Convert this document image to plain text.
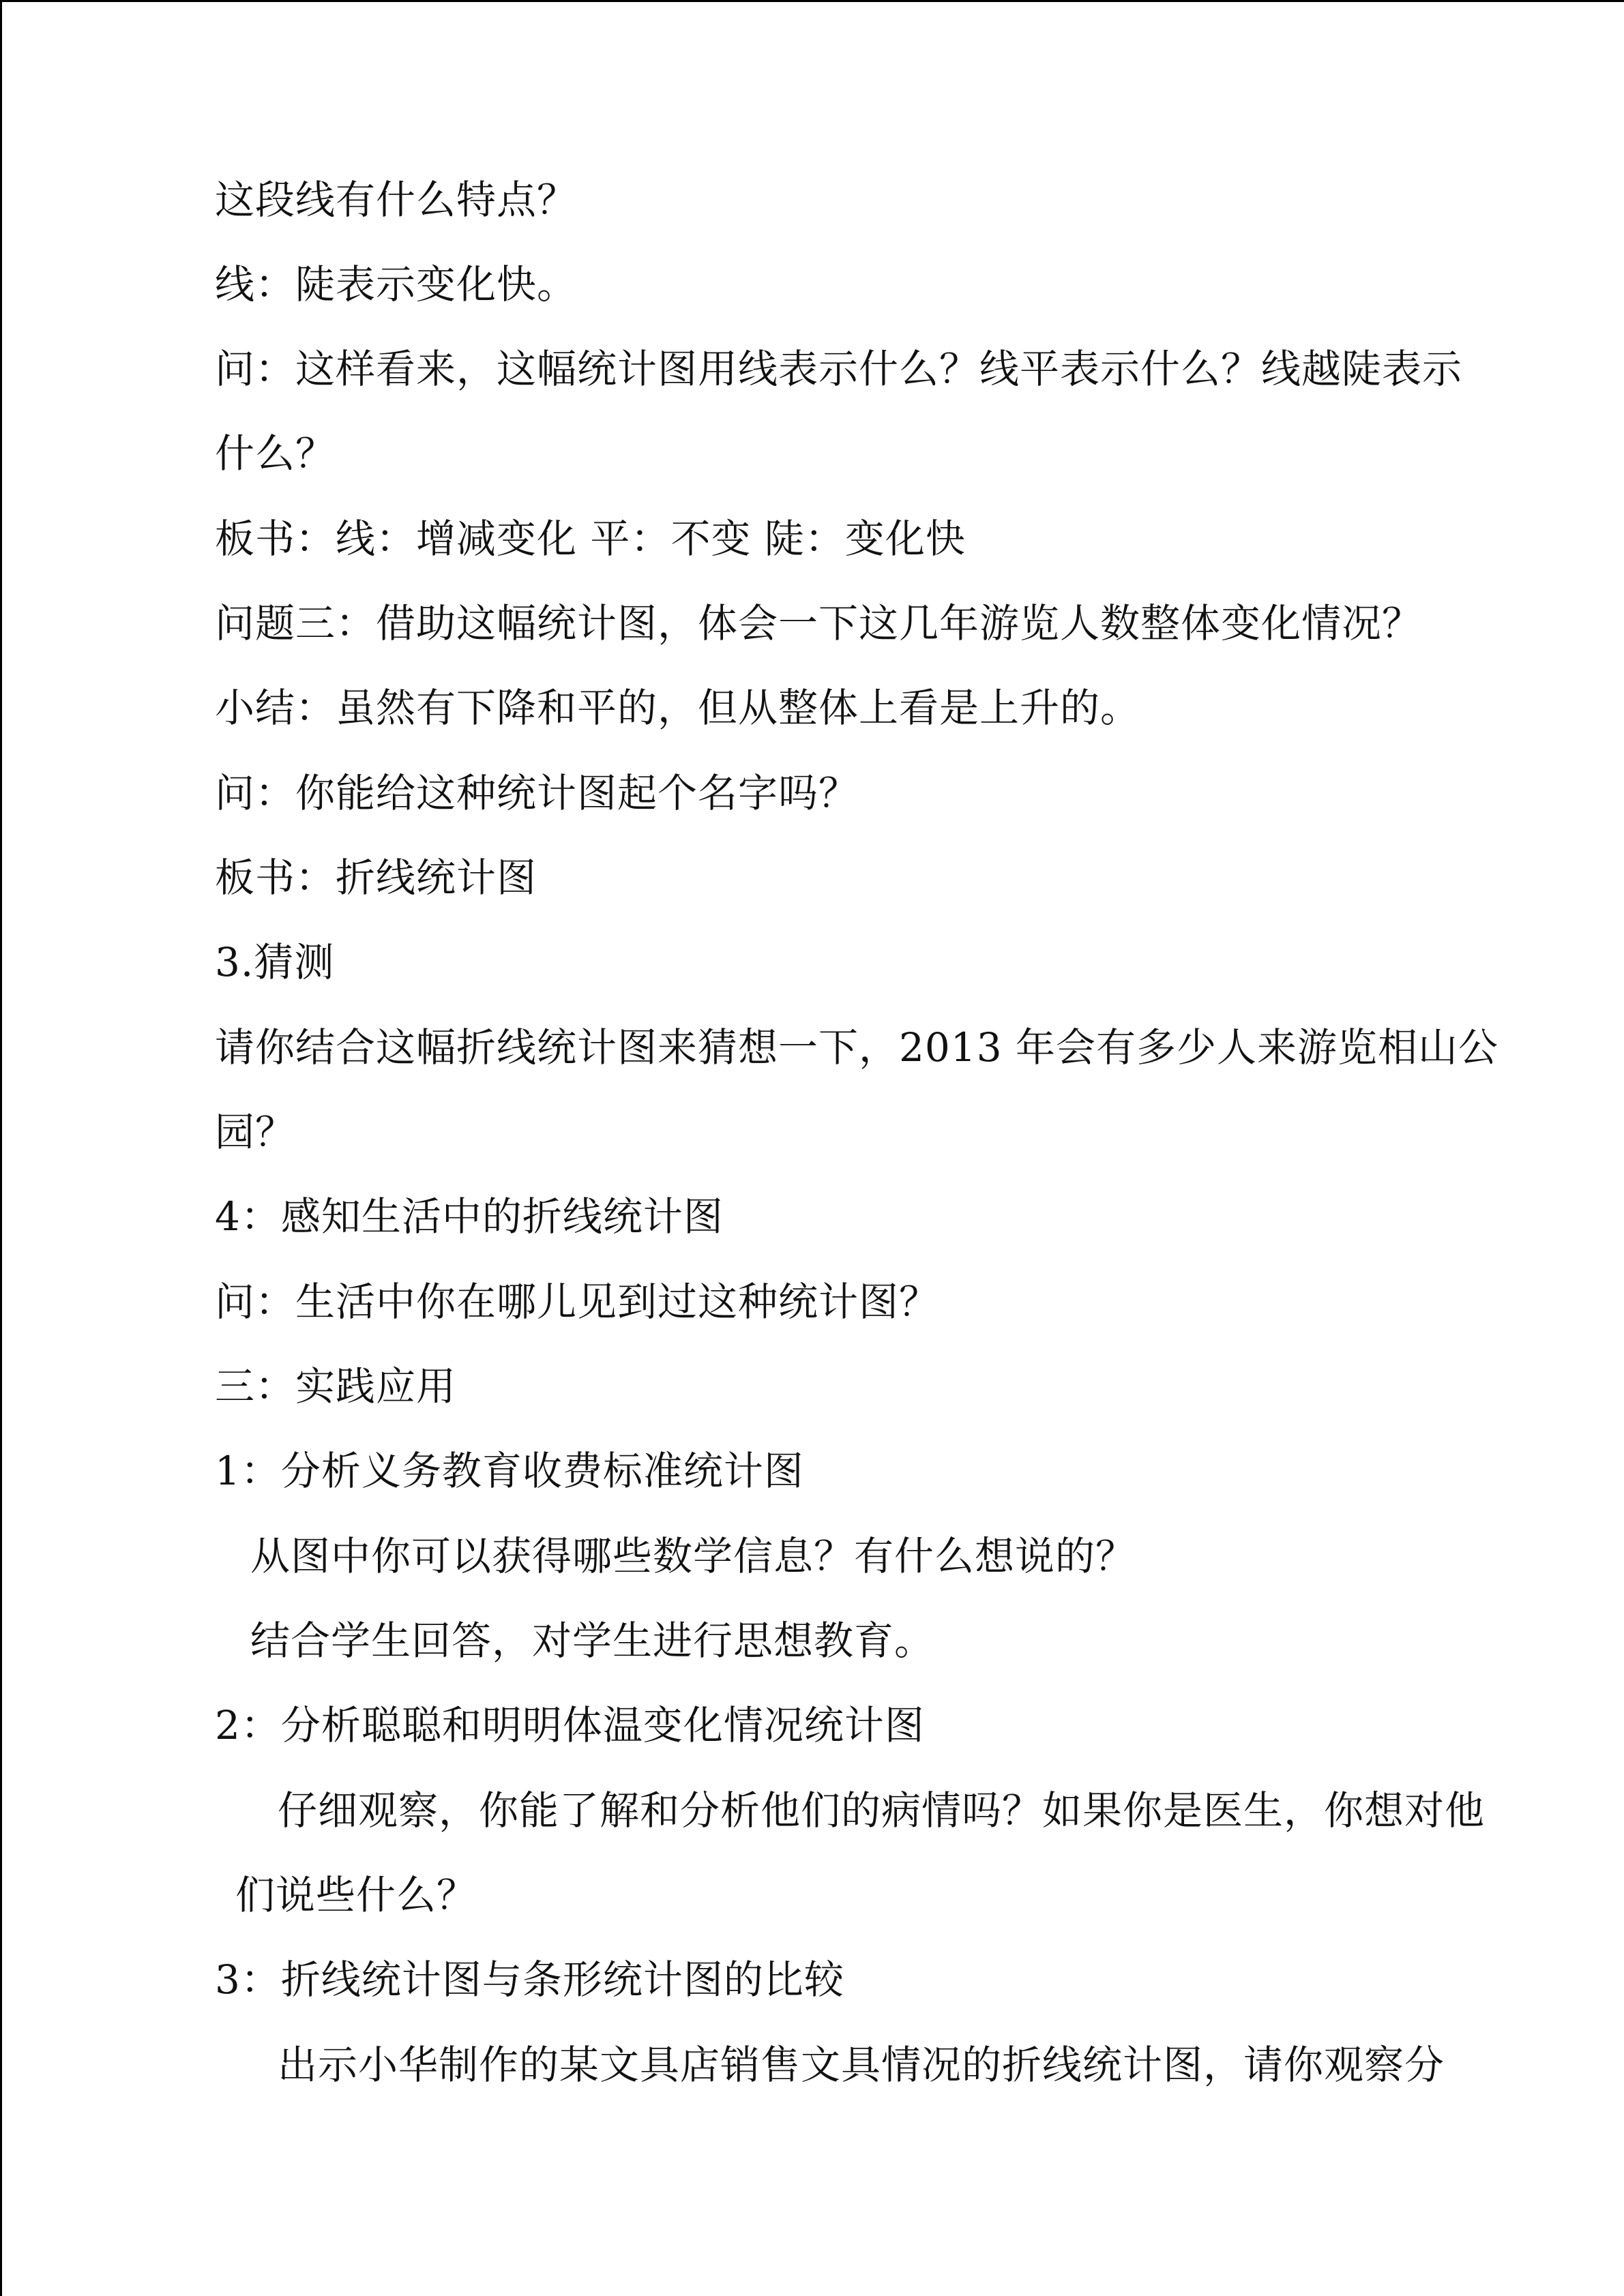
这段线有什么特点？
线：陡表示变化快。
问：这样看来，这幅统计图用线表示什么？线平表示什么？线越陡表示
什么？
板书：线：增减变化 平：不变 陡：变化快
问题三：借助这幅统计图，体会一下这几年游览人数整体变化情况？
小结：虽然有下降和平的，但从整体上看是上升的。
问：你能给这种统计图起个名字吗？
板书：折线统计图
3.猜测
请你结合这幅折线统计图来猜想一下，2013 年会有多少人来游览相山公
园？
4：感知生活中的折线统计图
问：生活中你在哪儿见到过这种统计图？
三：实践应用
1：分析义务教育收费标准统计图
从图中你可以获得哪些数学信息？有什么想说的？
结合学生回答，对学生进行思想教育。
2：分析聪聪和明明体温变化情况统计图
仔细观察，你能了解和分析他们的病情吗？如果你是医生，你想对他
们说些什么？
3：折线统计图与条形统计图的比较
出示小华制作的某文具店销售文具情况的折线统计图，请你观察分
